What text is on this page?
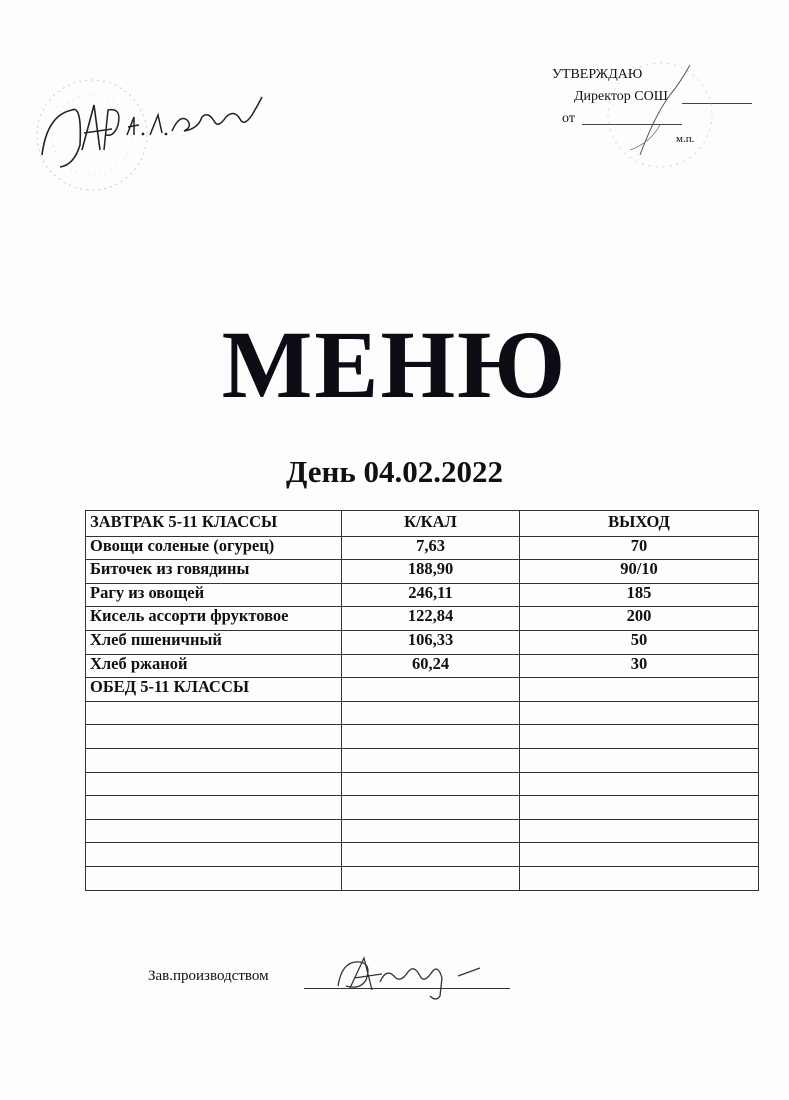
УТВЕРЖДАЮ
Директор СОШ
от
м.п.
МЕНЮ
День 04.02.2022
ЗАВТРАК 5-11 КЛАССЫ	К/КАЛ	ВЫХОД
Овощи соленые (огурец)	7,63	70
Биточек из говядины	188,90	90/10
Рагу из овощей	246,11	185
Кисель ассорти фруктовое	122,84	200
Хлеб пшеничный	106,33	50
Хлеб ржаной	60,24	30
ОБЕД 5-11 КЛАССЫ		

Зав.производством
